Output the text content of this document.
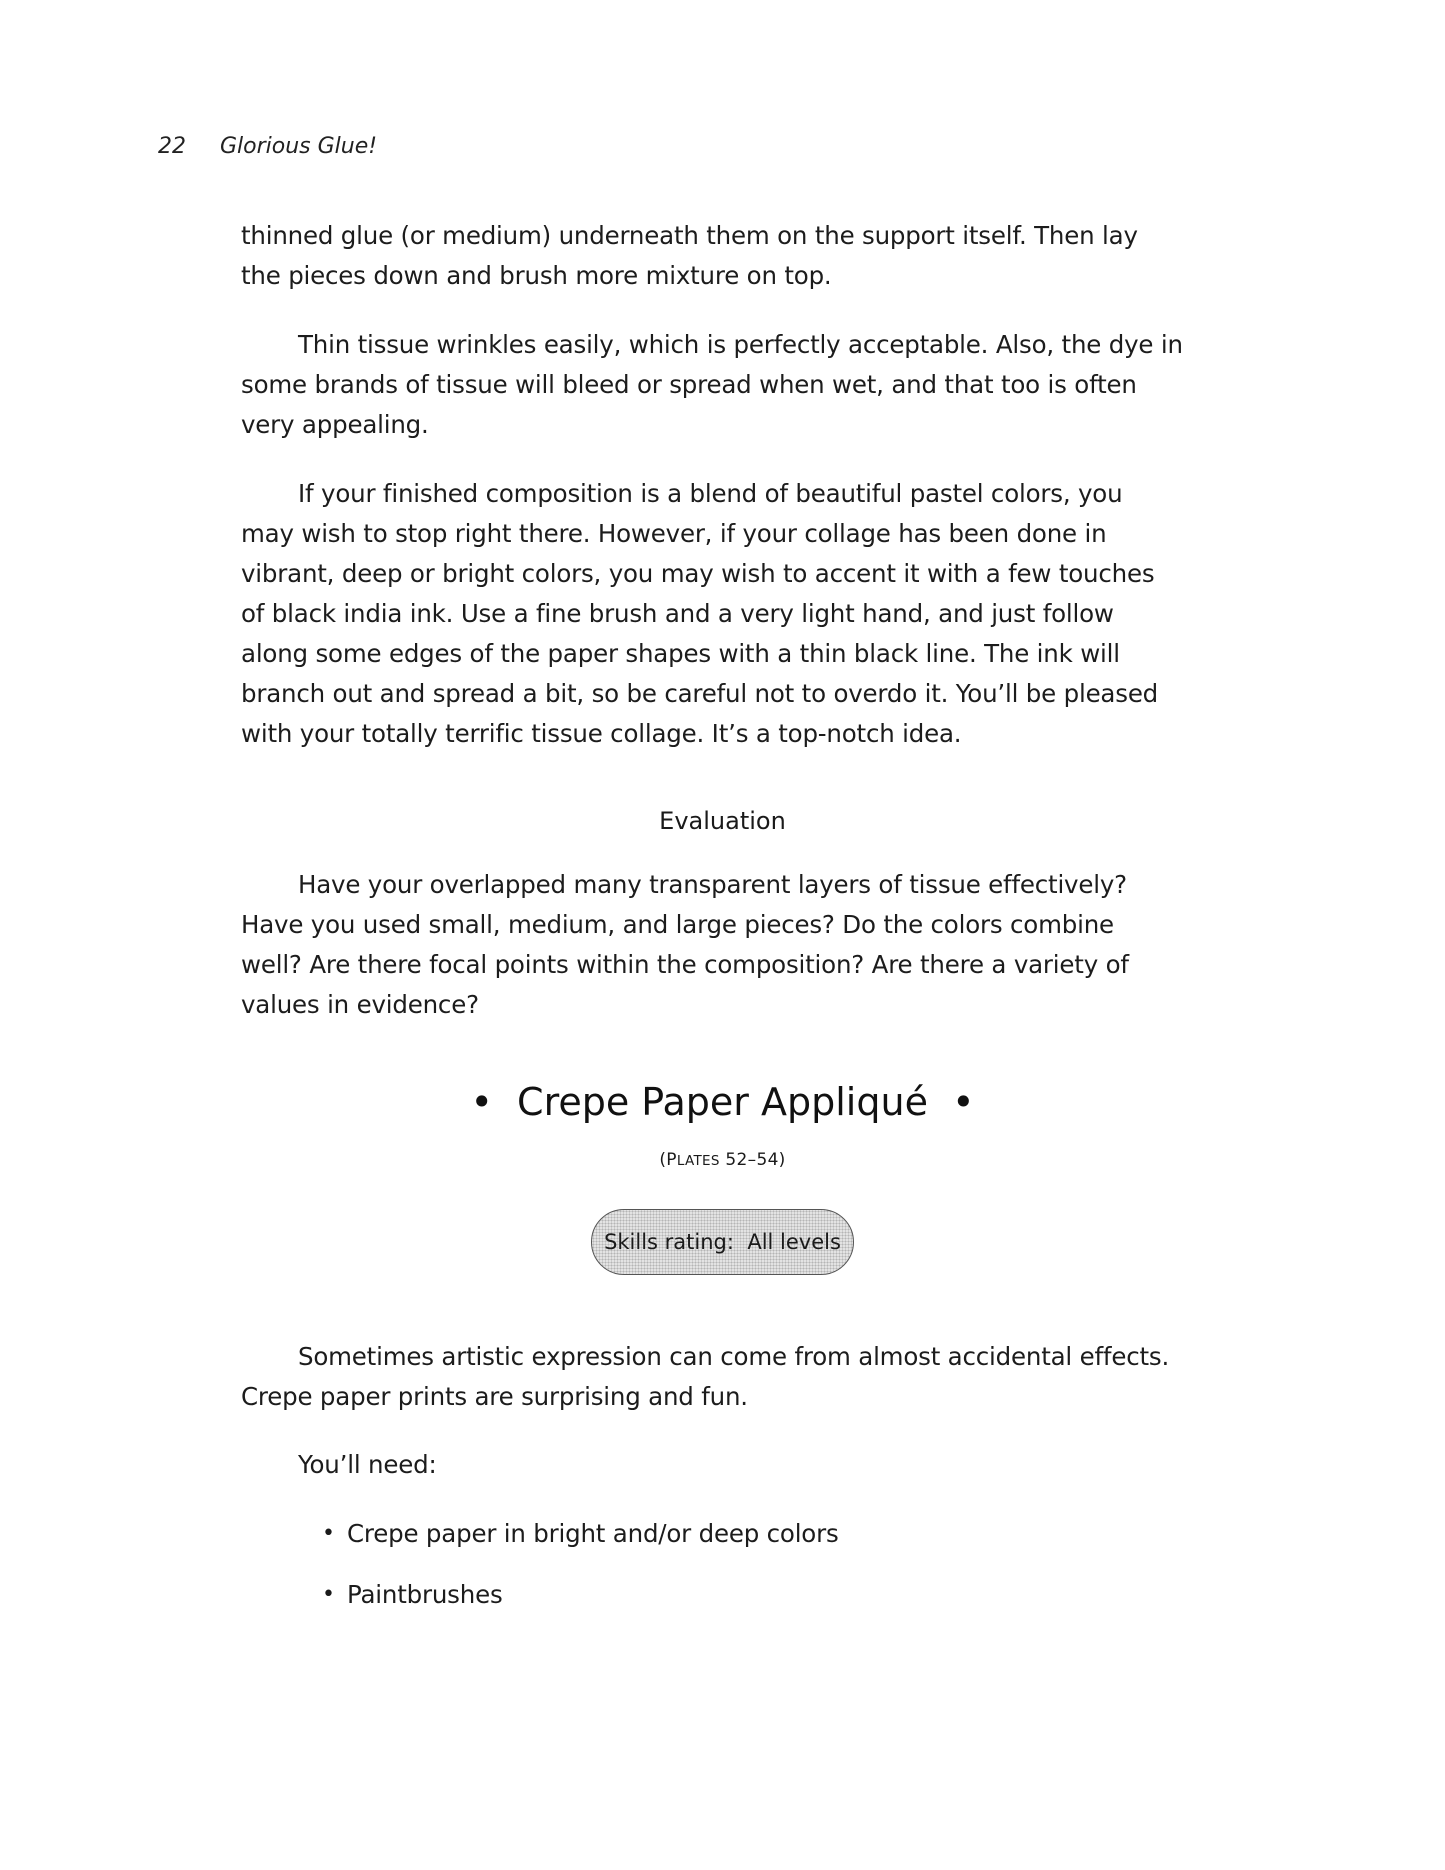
22 Glorious Glue!
thinned glue (or medium) underneath them on the support itself. Then lay
the pieces down and brush more mixture on top.
Thin tissue wrinkles easily, which is perfectly acceptable. Also, the dye in
some brands of tissue will bleed or spread when wet, and that too is often
very appealing.
If your finished composition is a blend of beautiful pastel colors, you
may wish to stop right there. However, if your collage has been done in
vibrant, deep or bright colors, you may wish to accent it with a few touches
of black india ink. Use a fine brush and a very light hand, and just follow
along some edges of the paper shapes with a thin black line. The ink will
branch out and spread a bit, so be careful not to overdo it. You’ll be pleased
with your totally terrific tissue collage. It’s a top-notch idea.
Evaluation
Have your overlapped many transparent layers of tissue effectively?
Have you used small, medium, and large pieces? Do the colors combine
well? Are there focal points within the composition? Are there a variety of
values in evidence?
• Crepe Paper Appliqué •
(PLATES 52–54)
Skills rating:
All levels
Sometimes artistic expression can come from almost accidental effects.
Crepe paper prints are surprising and fun.
You’ll need:
• Crepe paper in bright and/or deep colors
• Paintbrushes
